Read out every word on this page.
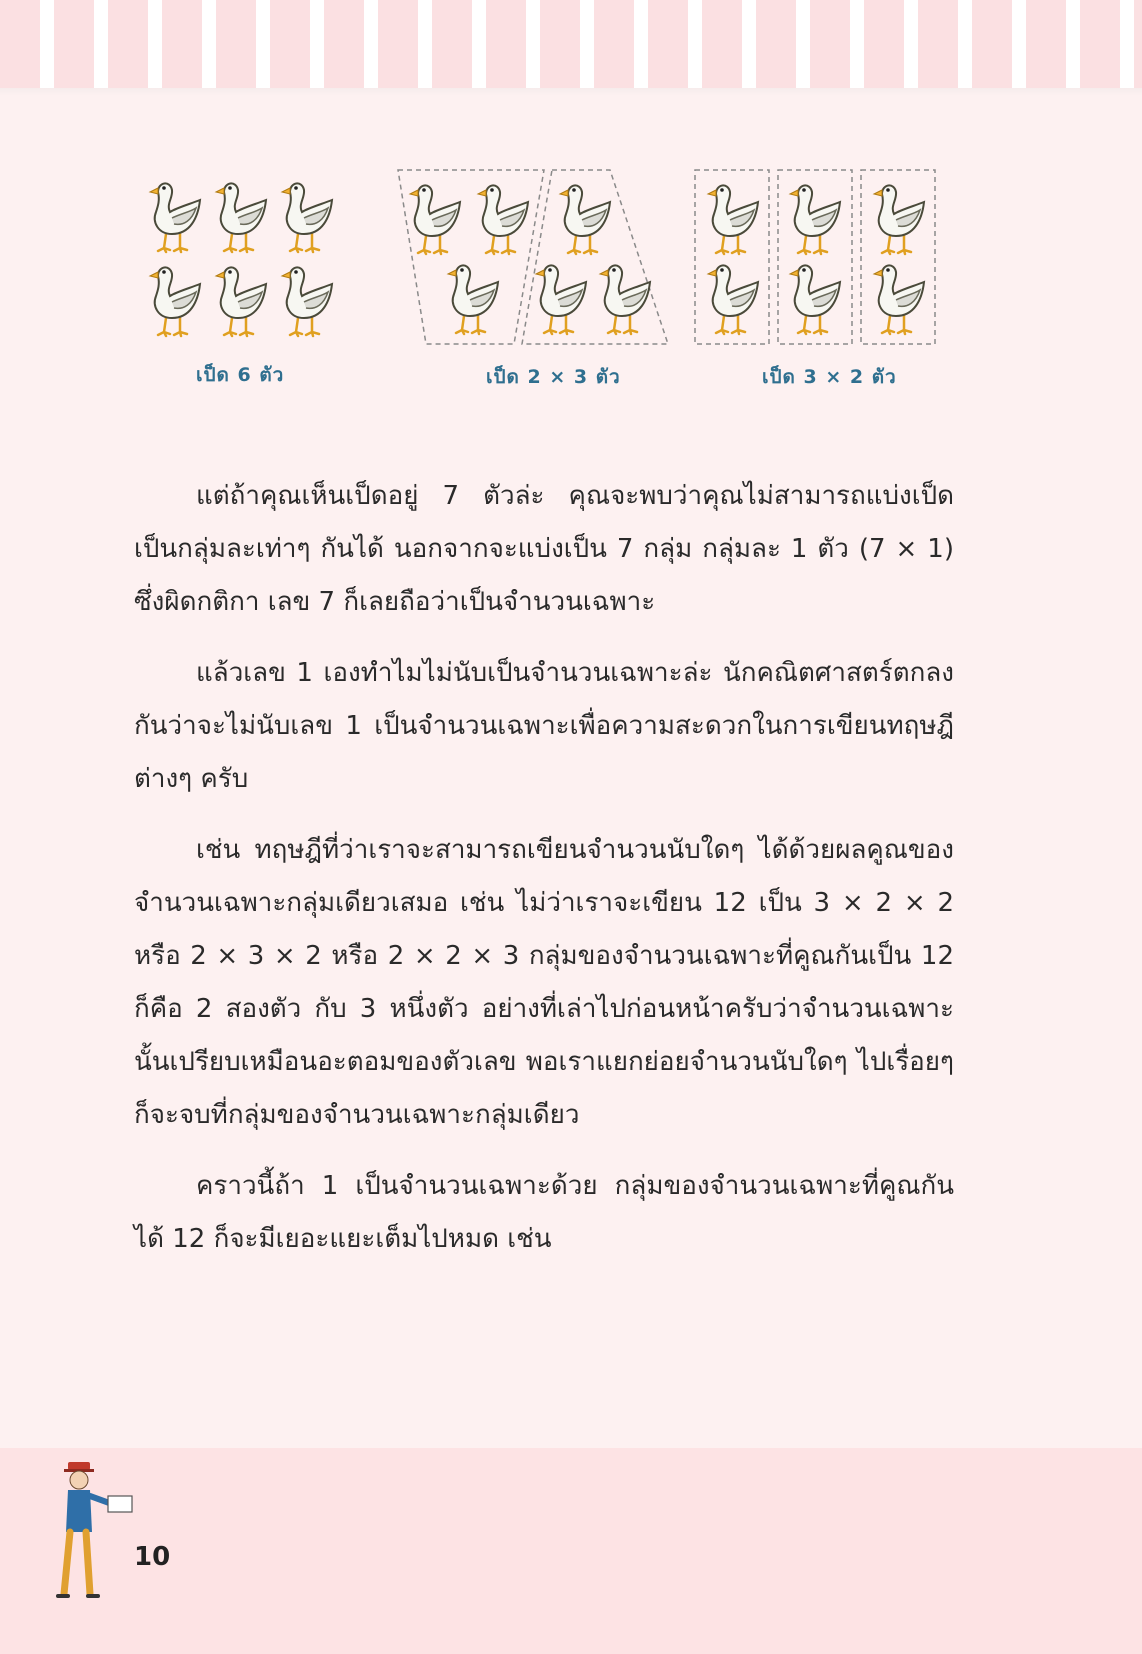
เป็ด 6 ตัว	เป็ด 2 × 3 ตัว	เป็ด 3 × 2 ตัว

แต่ถ้าคุณเห็นเป็ดอยู่ 7 ตัวล่ะ คุณจะพบว่าคุณไม่สามารถแบ่งเป็ดเป็นกลุ่มละเท่าๆ กันได้ นอกจากจะแบ่งเป็น 7 กลุ่ม กลุ่มละ 1 ตัว (7 × 1) ซึ่งผิดกติกา เลข 7 ก็เลยถือว่าเป็นจำนวนเฉพาะ

แล้วเลข 1 เองทำไมไม่นับเป็นจำนวนเฉพาะล่ะ นักคณิตศาสตร์ตกลงกันว่าจะไม่นับเลข 1 เป็นจำนวนเฉพาะเพื่อความสะดวกในการเขียนทฤษฎีต่างๆ ครับ

เช่น ทฤษฎีที่ว่าเราจะสามารถเขียนจำนวนนับใดๆ ได้ด้วยผลคูณของจำนวนเฉพาะกลุ่มเดียวเสมอ เช่น ไม่ว่าเราจะเขียน 12 เป็น 3 × 2 × 2 หรือ 2 × 3 × 2 หรือ 2 × 2 × 3 กลุ่มของจำนวนเฉพาะที่คูณกันเป็น 12 ก็คือ 2 สองตัว กับ 3 หนึ่งตัว อย่างที่เล่าไปก่อนหน้าครับว่าจำนวนเฉพาะนั้นเปรียบเหมือนอะตอมของตัวเลข พอเราแยกย่อยจำนวนนับใดๆ ไปเรื่อยๆ ก็จะจบที่กลุ่มของจำนวนเฉพาะกลุ่มเดียว

คราวนี้ถ้า 1 เป็นจำนวนเฉพาะด้วย กลุ่มของจำนวนเฉพาะที่คูณกันได้ 12 ก็จะมีเยอะแยะเต็มไปหมด เช่น

10
